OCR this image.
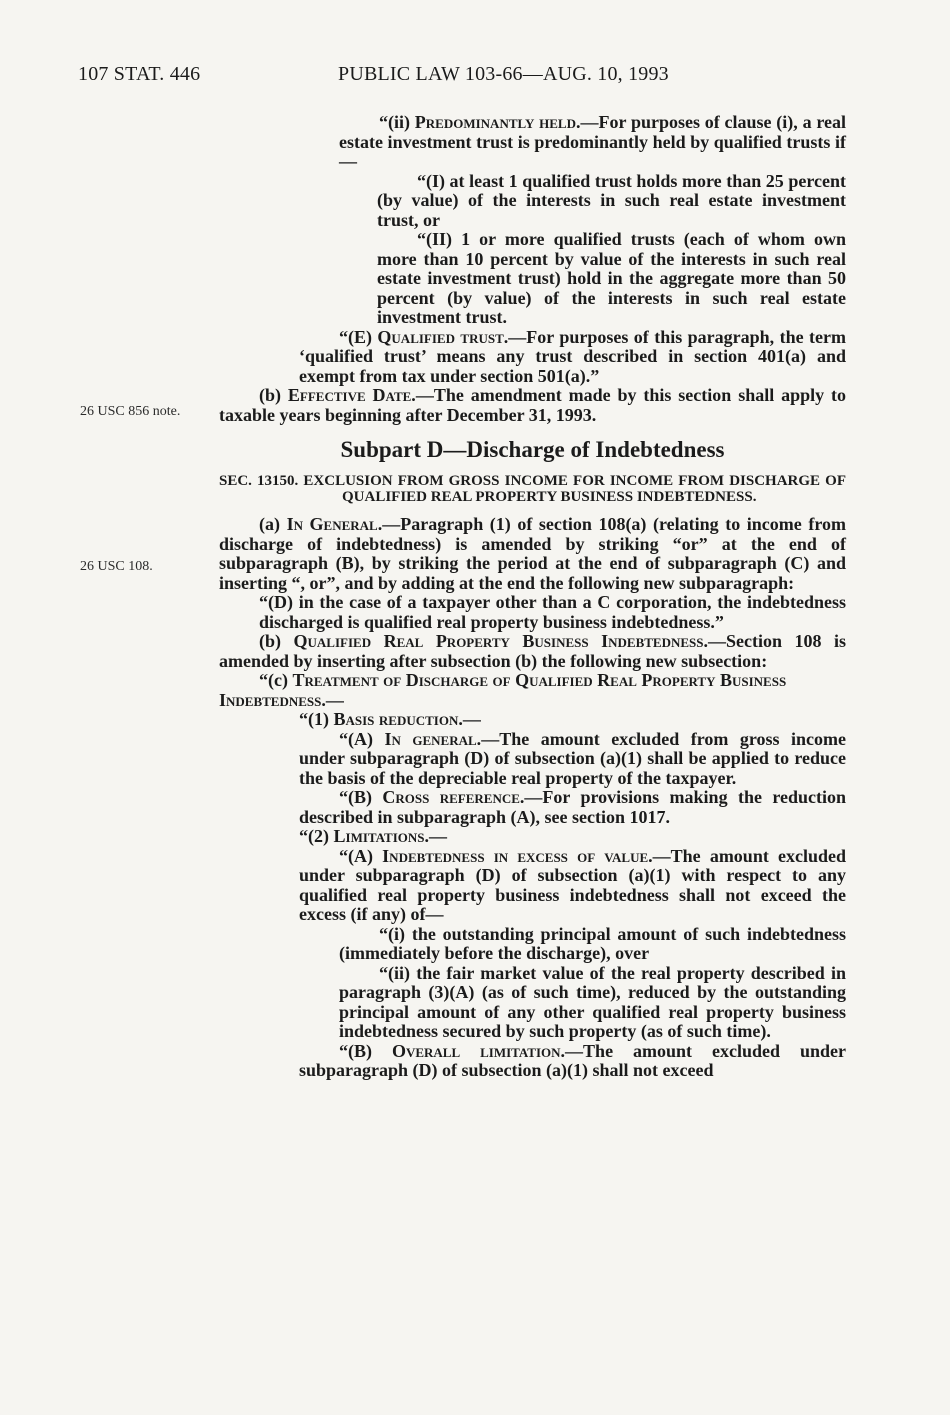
107 STAT. 446	PUBLIC LAW 103-66—AUG. 10, 1993
26 USC 856 note.
26 USC 108.

“(ii) Predominantly held.—For purposes of clause (i), a real estate investment trust is predominantly held by qualified trusts if—

“(I) at least 1 qualified trust holds more than 25 percent (by value) of the interests in such real estate investment trust, or

“(II) 1 or more qualified trusts (each of whom own more than 10 percent by value of the interests in such real estate investment trust) hold in the aggregate more than 50 percent (by value) of the interests in such real estate investment trust.

“(E) Qualified trust.—For purposes of this paragraph, the term ‘qualified trust’ means any trust described in section 401(a) and exempt from tax under section 501(a).”

(b) Effective Date.—The amendment made by this section shall apply to taxable years beginning after December 31, 1993.

Subpart D—Discharge of Indebtedness

SEC. 13150. EXCLUSION FROM GROSS INCOME FOR INCOME FROM DISCHARGE OF QUALIFIED REAL PROPERTY BUSINESS INDEBTEDNESS.

(a) In General.—Paragraph (1) of section 108(a) (relating to income from discharge of indebtedness) is amended by striking “or” at the end of subparagraph (B), by striking the period at the end of subparagraph (C) and inserting “, or”, and by adding at the end the following new subparagraph:

“(D) in the case of a taxpayer other than a C corporation, the indebtedness discharged is qualified real property business indebtedness.”

(b) Qualified Real Property Business Indebtedness.—Section 108 is amended by inserting after subsection (b) the following new subsection:

“(c) Treatment of Discharge of Qualified Real Property Business Indebtedness.—

“(1) Basis reduction.—

“(A) In general.—The amount excluded from gross income under subparagraph (D) of subsection (a)(1) shall be applied to reduce the basis of the depreciable real property of the taxpayer.

“(B) Cross reference.—For provisions making the reduction described in subparagraph (A), see section 1017.

“(2) Limitations.—

“(A) Indebtedness in excess of value.—The amount excluded under subparagraph (D) of subsection (a)(1) with respect to any qualified real property business indebtedness shall not exceed the excess (if any) of—

“(i) the outstanding principal amount of such indebtedness (immediately before the discharge), over

“(ii) the fair market value of the real property described in paragraph (3)(A) (as of such time), reduced by the outstanding principal amount of any other qualified real property business indebtedness secured by such property (as of such time).

“(B) Overall limitation.—The amount excluded under subparagraph (D) of subsection (a)(1) shall not exceed
